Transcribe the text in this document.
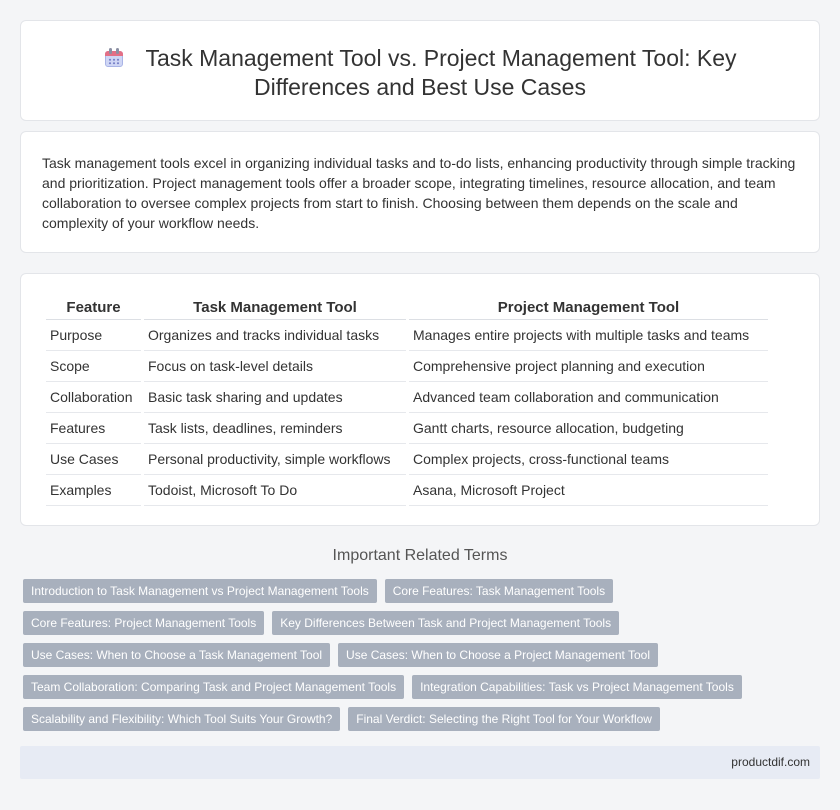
Task Management Tool vs. Project Management Tool: Key
Differences and Best Use Cases

Task management tools excel in organizing individual tasks and to-do lists, enhancing productivity through simple tracking and prioritization. Project management tools offer a broader scope, integrating timelines, resource allocation, and team collaboration to oversee complex projects from start to finish. Choosing between them depends on the scale and complexity of your workflow needs.

Feature	Task Management Tool	Project Management Tool
Purpose	Organizes and tracks individual tasks	Manages entire projects with multiple tasks and teams
Scope	Focus on task-level details	Comprehensive project planning and execution
Collaboration	Basic task sharing and updates	Advanced team collaboration and communication
Features	Task lists, deadlines, reminders	Gantt charts, resource allocation, budgeting
Use Cases	Personal productivity, simple workflows	Complex projects, cross-functional teams
Examples	Todoist, Microsoft To Do	Asana, Microsoft Project
Important Related Terms
Introduction to Task Management vs Project Management Tools	Core Features: Task Management Tools
Core Features: Project Management Tools	Key Differences Between Task and Project Management Tools
Use Cases: When to Choose a Task Management Tool	Use Cases: When to Choose a Project Management Tool
Team Collaboration: Comparing Task and Project Management Tools	Integration Capabilities: Task vs Project Management Tools
Scalability and Flexibility: Which Tool Suits Your Growth?	Final Verdict: Selecting the Right Tool for Your Workflow
productdif.com
